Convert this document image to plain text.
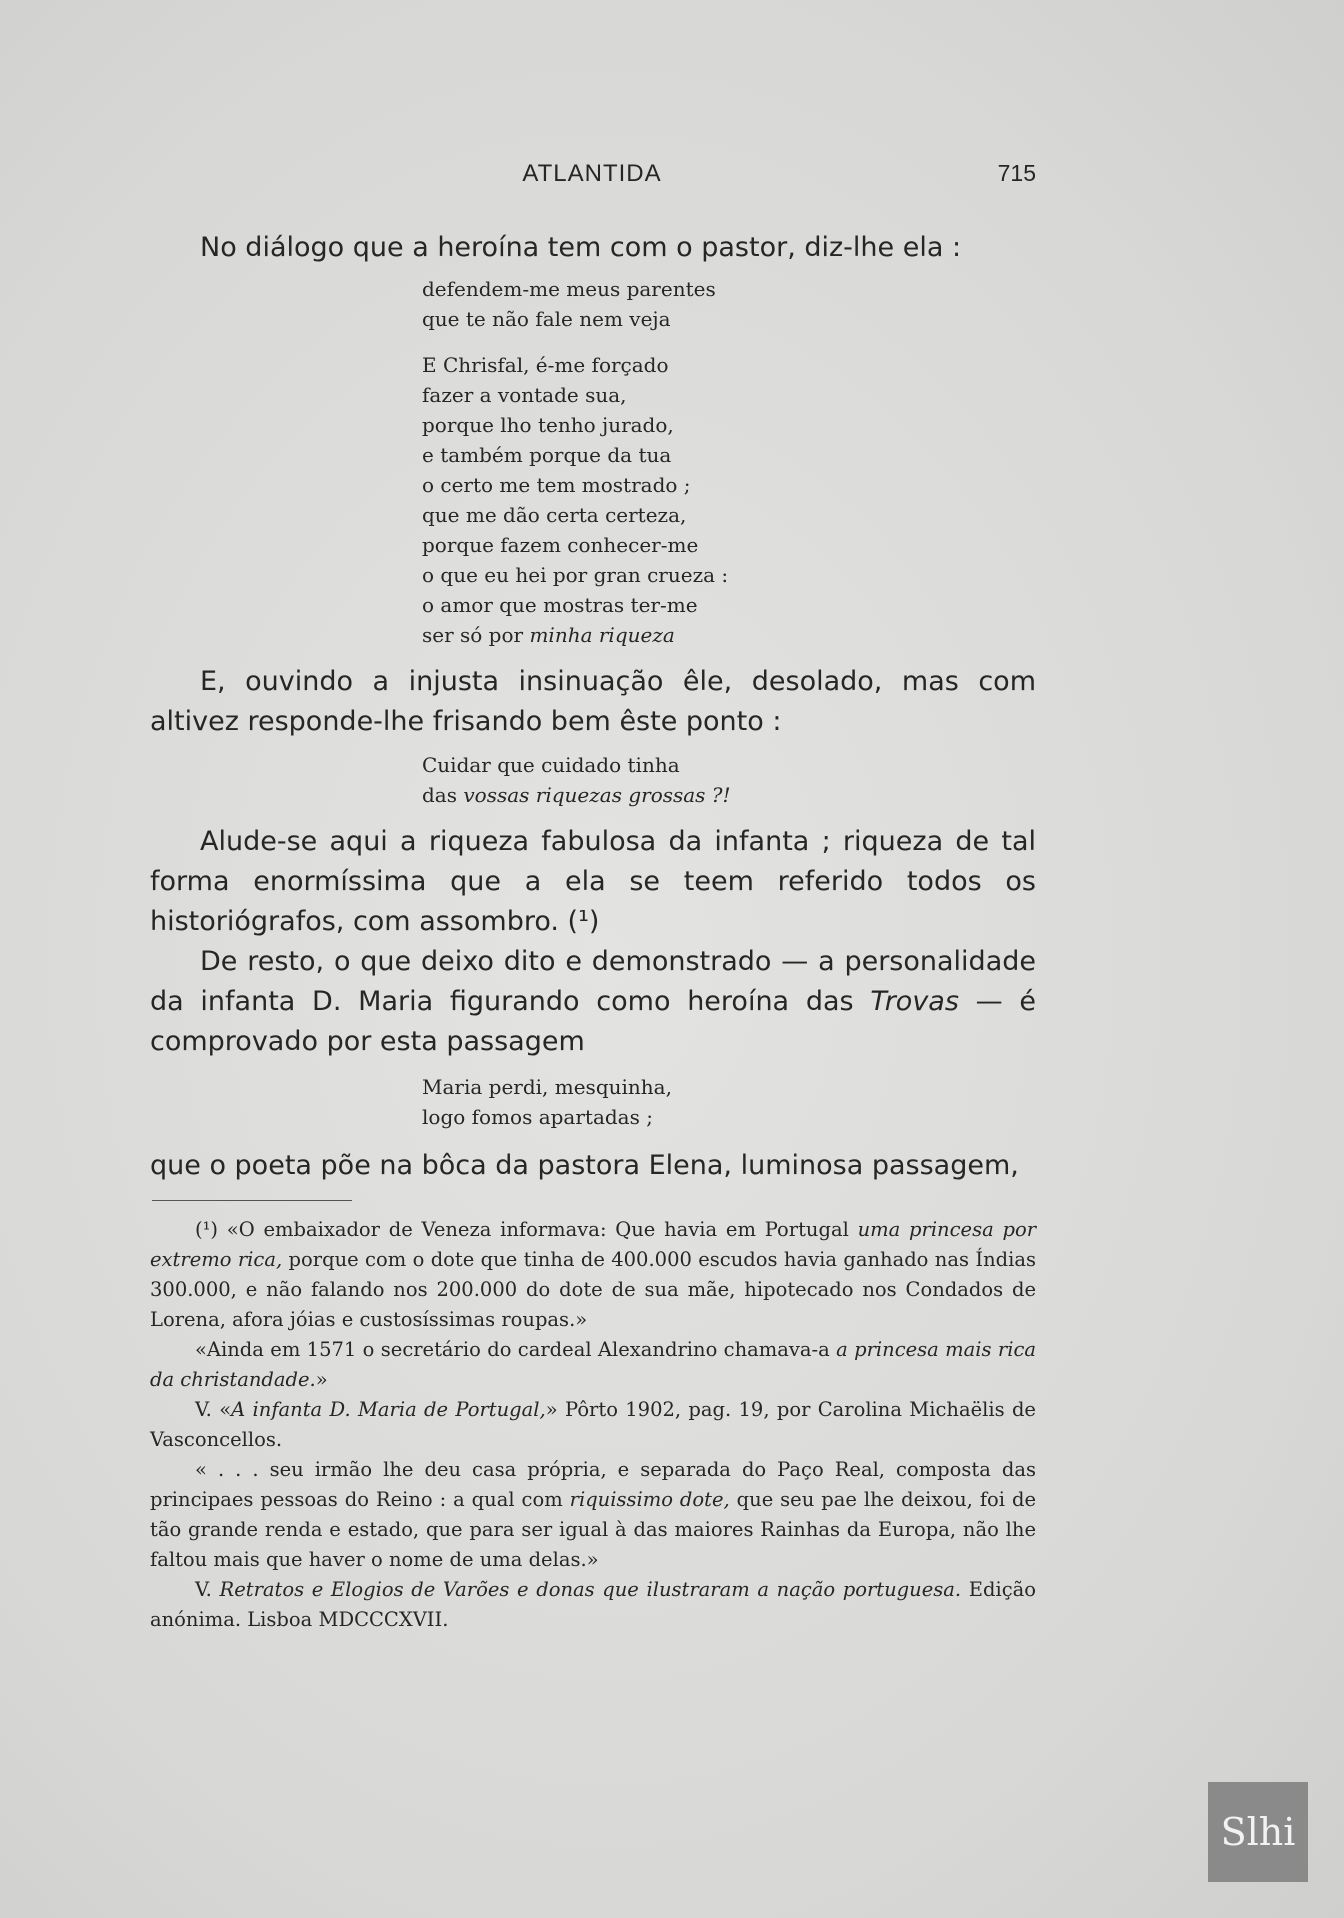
ATLANTIDA	715

No diálogo que a heroína tem com o pastor, diz-lhe ela :

defendem-me meus parentes
que te não fale nem veja
E Chrisfal, é-me forçado
fazer a vontade sua,
porque lho tenho jurado,
e também porque da tua
o certo me tem mostrado ;
que me dão certa certeza,
porque fazem conhecer-me
o que eu hei por gran crueza :
o amor que mostras ter-me
ser só por minha riqueza

E, ouvindo a injusta insinuação êle, desolado, mas com altivez responde-lhe frisando bem êste ponto :

Cuidar que cuidado tinha
das vossas riquezas grossas ?!

Alude-se aqui a riqueza fabulosa da infanta ; riqueza de tal forma enormíssima que a ela se teem referido todos os historiógrafos, com assombro. (¹)

De resto, o que deixo dito e demonstrado — a personalidade da infanta D. Maria figurando como heroína das Trovas — é comprovado por esta passagem

Maria perdi, mesquinha,
logo fomos apartadas ;

que o poeta põe na bôca da pastora Elena, luminosa passagem,

(¹) «O embaixador de Veneza informava: Que havia em Portugal uma princesa por extremo rica, porque com o dote que tinha de 400.000 escudos havia ganhado nas Índias 300.000, e não falando nos 200.000 do dote de sua mãe, hipotecado nos Condados de Lorena, afora jóias e custosíssimas roupas.»

«Ainda em 1571 o secretário do cardeal Alexandrino chamava-a a princesa mais rica da christandade.»

V. «A infanta D. Maria de Portugal,» Pôrto 1902, pag. 19, por Carolina Michaëlis de Vasconcellos.

« . . . seu irmão lhe deu casa própria, e separada do Paço Real, composta das principaes pessoas do Reino : a qual com riquissimo dote, que seu pae lhe deixou, foi de tão grande renda e estado, que para ser igual à das maiores Rainhas da Europa, não lhe faltou mais que haver o nome de uma delas.»

V. Retratos e Elogios de Varões e donas que ilustraram a nação portuguesa. Edição anónima. Lisboa MDCCCXVII.

Slhi
